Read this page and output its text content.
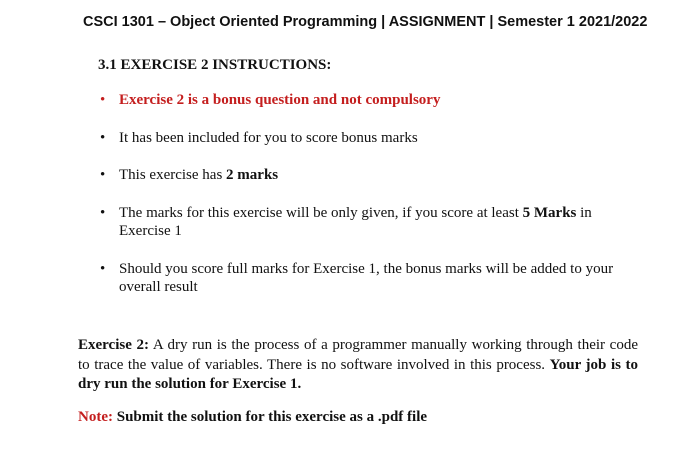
CSCI 1301 – Object Oriented Programming | ASSIGNMENT | Semester 1 2021/2022
3.1 EXERCISE 2 INSTRUCTIONS:
• Exercise 2 is a bonus question and not compulsory
• It has been included for you to score bonus marks
• This exercise has 2 marks
• The marks for this exercise will be only given, if you score at least 5 Marks in Exercise 1
• Should you score full marks for Exercise 1, the bonus marks will be added to your overall result

Exercise 2: A dry run is the process of a programmer manually working through their code to trace the value of variables. There is no software involved in this process. Your job is to dry run the solution for Exercise 1.

Note: Submit the solution for this exercise as a .pdf file
